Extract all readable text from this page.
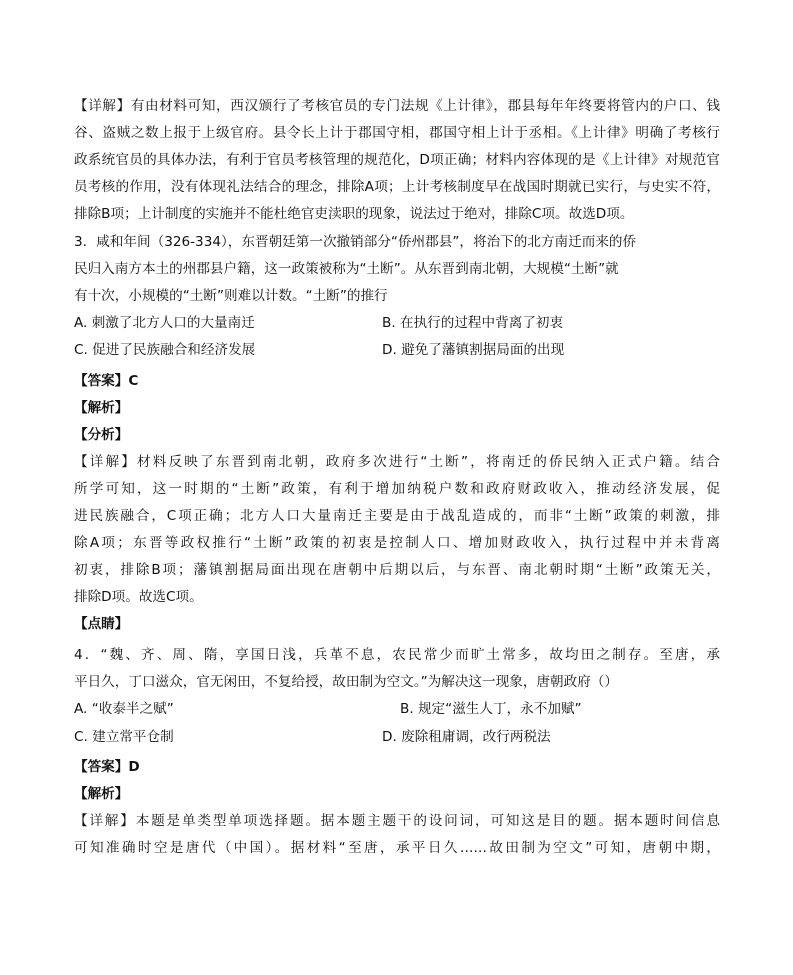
【详解】有由材料可知，西汉颁行了考核官员的专门法规《上计律》，郡县每年年终要将管内的户口、钱
谷、盗贼之数上报于上级官府。县令长上计于郡国守相，郡国守相上计于丞相。《上计律》明确了考核行
政系统官员的具体办法，有利于官员考核管理的规范化，D项正确；材料内容体现的是《上计律》对规范官
员考核的作用，没有体现礼法结合的理念，排除A项；上计考核制度早在战国时期就已实行，与史实不符，
排除B项；上计制度的实施并不能杜绝官吏渎职的现象，说法过于绝对，排除C项。故选D项。
3．咸和年间（326-334），东晋朝廷第一次撤销部分“侨州郡县”，将治下的北方南迁而来的侨
民归入南方本土的州郡县户籍，这一政策被称为“土断”。从东晋到南北朝，大规模“土断”就
有十次，小规模的“土断”则难以计数。“土断”的推行
A. 刺激了北方人口的大量南迁	B. 在执行的过程中背离了初衷
C. 促进了民族融合和经济发展	D. 避免了藩镇割据局面的出现
【答案】C
【解析】
【分析】
【详解】材料反映了东晋到南北朝，政府多次进行“土断”，将南迁的侨民纳入正式户籍。结合
所学可知，这一时期的“土断”政策，有利于增加纳税户数和政府财政收入，推动经济发展，促
进民族融合，C项正确；北方人口大量南迁主要是由于战乱造成的，而非“土断”政策的刺激，排
除A项；东晋等政权推行“土断”政策的初衷是控制人口、增加财政收入，执行过程中并未背离
初衷，排除B项；藩镇割据局面出现在唐朝中后期以后，与东晋、南北朝时期“土断”政策无关，
排除D项。故选C项。
【点睛】
4．“魏、齐、周、隋，享国日浅，兵革不息，农民常少而旷土常多，故均田之制存。至唐，承
平日久，丁口滋众，官无闲田，不复给授，故田制为空文。”为解决这一现象，唐朝政府（）
A. “收泰半之赋”	B. 规定“滋生人丁，永不加赋”
C. 建立常平仓制	D. 废除租庸调，改行两税法
【答案】D
【解析】
【详解】本题是单类型单项选择题。据本题主题干的设问词，可知这是目的题。据本题时间信息
可知准确时空是唐代（中国）。据材料“至唐，承平日久……故田制为空文”可知，唐朝中期，
